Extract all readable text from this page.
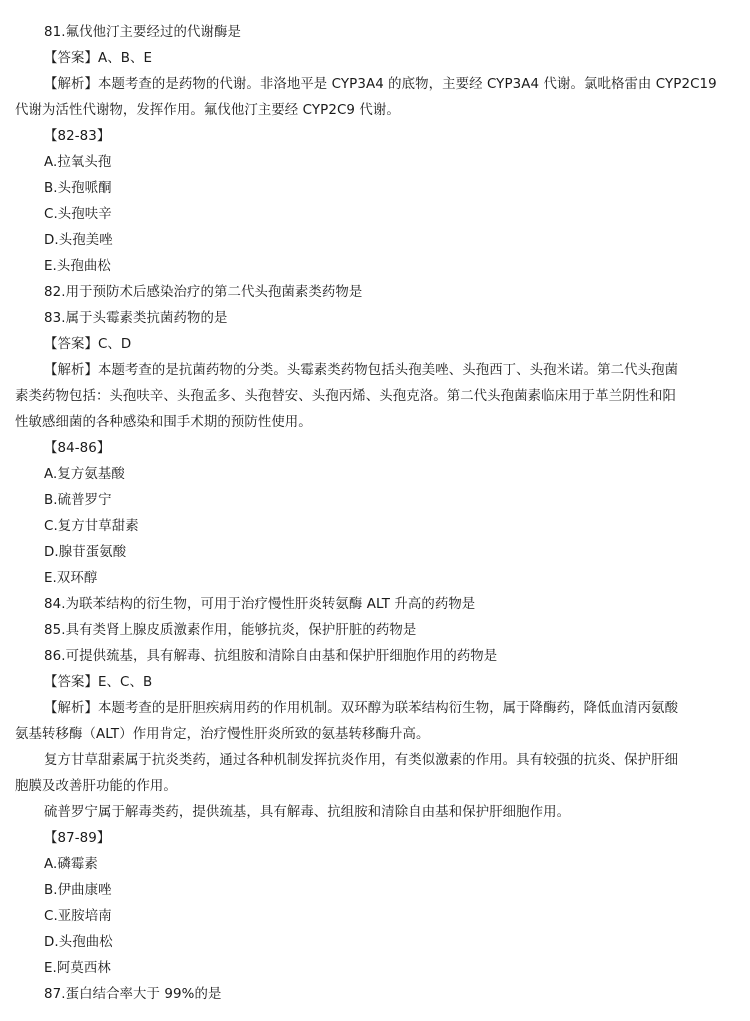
81.氟伐他汀主要经过的代谢酶是
【答案】A、B、E
【解析】本题考查的是药物的代谢。非洛地平是 CYP3A4 的底物，主要经 CYP3A4 代谢。氯吡格雷由 CYP2C19
代谢为活性代谢物，发挥作用。氟伐他汀主要经 CYP2C9 代谢。
【82-83】
A.拉氧头孢
B.头孢哌酮
C.头孢呋辛
D.头孢美唑
E.头孢曲松
82.用于预防术后感染治疗的第二代头孢菌素类药物是
83.属于头霉素类抗菌药物的是
【答案】C、D
【解析】本题考查的是抗菌药物的分类。头霉素类药物包括头孢美唑、头孢西丁、头孢米诺。第二代头孢菌
素类药物包括：头孢呋辛、头孢孟多、头孢替安、头孢丙烯、头孢克洛。第二代头孢菌素临床用于革兰阴性和阳
性敏感细菌的各种感染和围手术期的预防性使用。
【84-86】
A.复方氨基酸
B.硫普罗宁
C.复方甘草甜素
D.腺苷蛋氨酸
E.双环醇
84.为联苯结构的衍生物，可用于治疗慢性肝炎转氨酶 ALT 升高的药物是
85.具有类肾上腺皮质激素作用，能够抗炎，保护肝脏的药物是
86.可提供巯基，具有解毒、抗组胺和清除自由基和保护肝细胞作用的药物是
【答案】E、C、B
【解析】本题考查的是肝胆疾病用药的作用机制。双环醇为联苯结构衍生物，属于降酶药，降低血清丙氨酸
氨基转移酶（ALT）作用肯定，治疗慢性肝炎所致的氨基转移酶升高。
复方甘草甜素属于抗炎类药，通过各种机制发挥抗炎作用，有类似激素的作用。具有较强的抗炎、保护肝细
胞膜及改善肝功能的作用。
硫普罗宁属于解毒类药，提供巯基，具有解毒、抗组胺和清除自由基和保护肝细胞作用。
【87-89】
A.磷霉素
B.伊曲康唑
C.亚胺培南
D.头孢曲松
E.阿莫西林
87.蛋白结合率大于 99%的是
